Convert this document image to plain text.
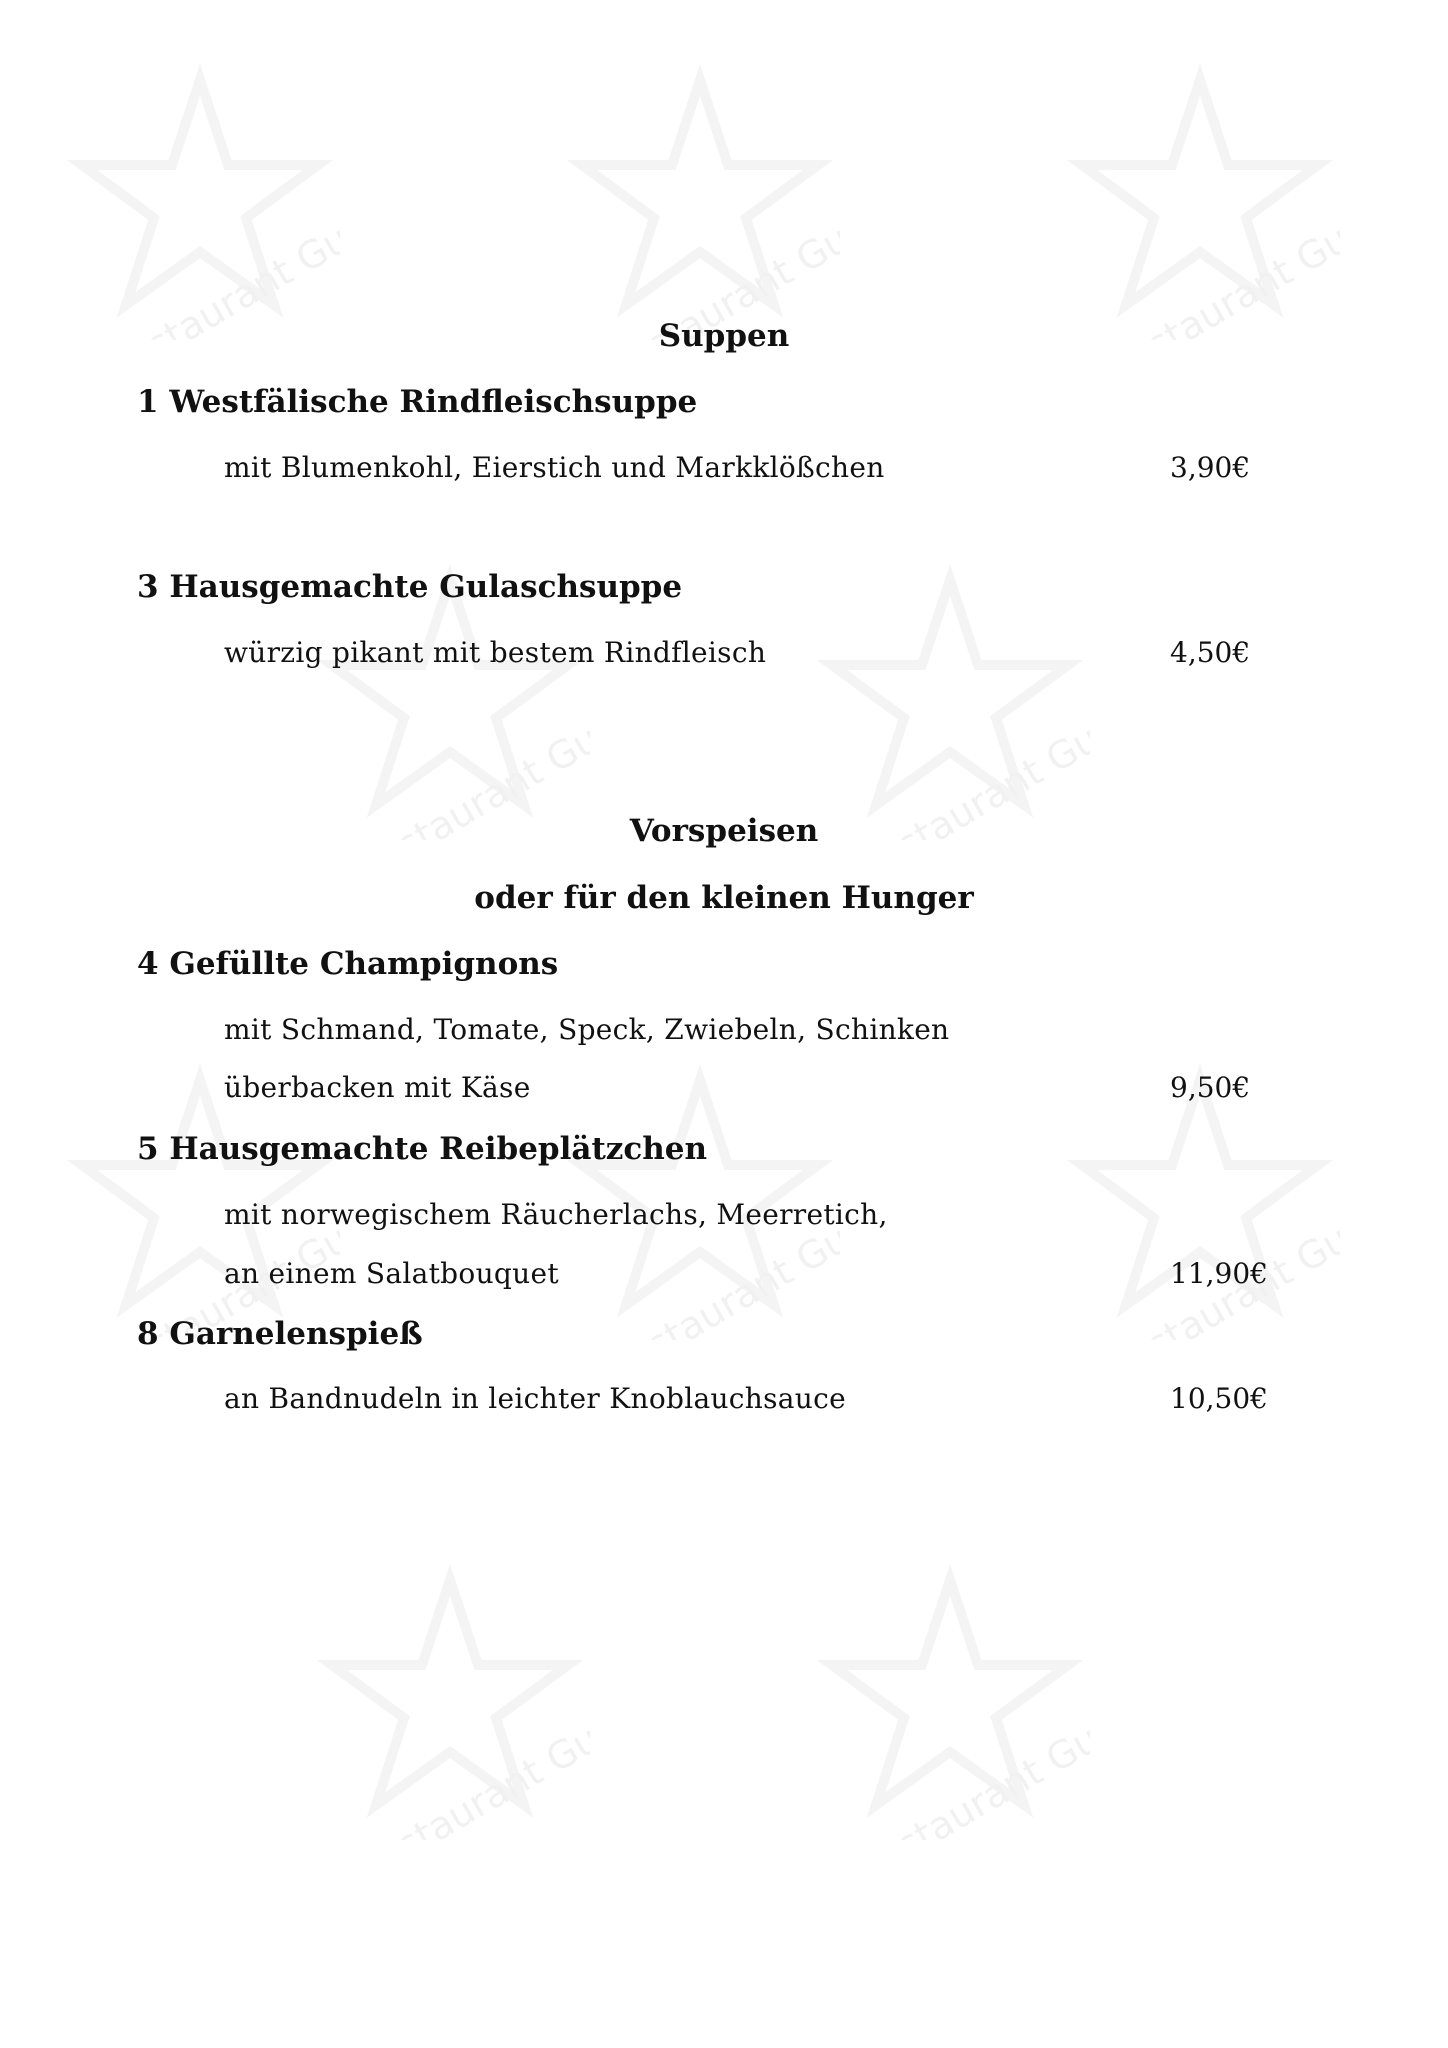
Restaurant Guru
Restaurant Guru
Restaurant Guru
Restaurant Guru
Restaurant Guru
Restaurant Guru
Restaurant Guru
Restaurant Guru
Restaurant Guru
Restaurant Guru
Suppen
1 Westfälische Rindfleischsuppe
mit Blumenkohl, Eierstich und Markklößchen	3,90€
3 Hausgemachte Gulaschsuppe
würzig pikant mit bestem Rindfleisch	4,50€
Vorspeisen
oder für den kleinen Hunger
4 Gefüllte Champignons
mit Schmand, Tomate, Speck, Zwiebeln, Schinken
überbacken mit Käse	9,50€
5 Hausgemachte Reibeplätzchen
mit norwegischem Räucherlachs, Meerretich,
an einem Salatbouquet	11,90€
8 Garnelenspieß
an Bandnudeln in leichter Knoblauchsauce	10,50€
